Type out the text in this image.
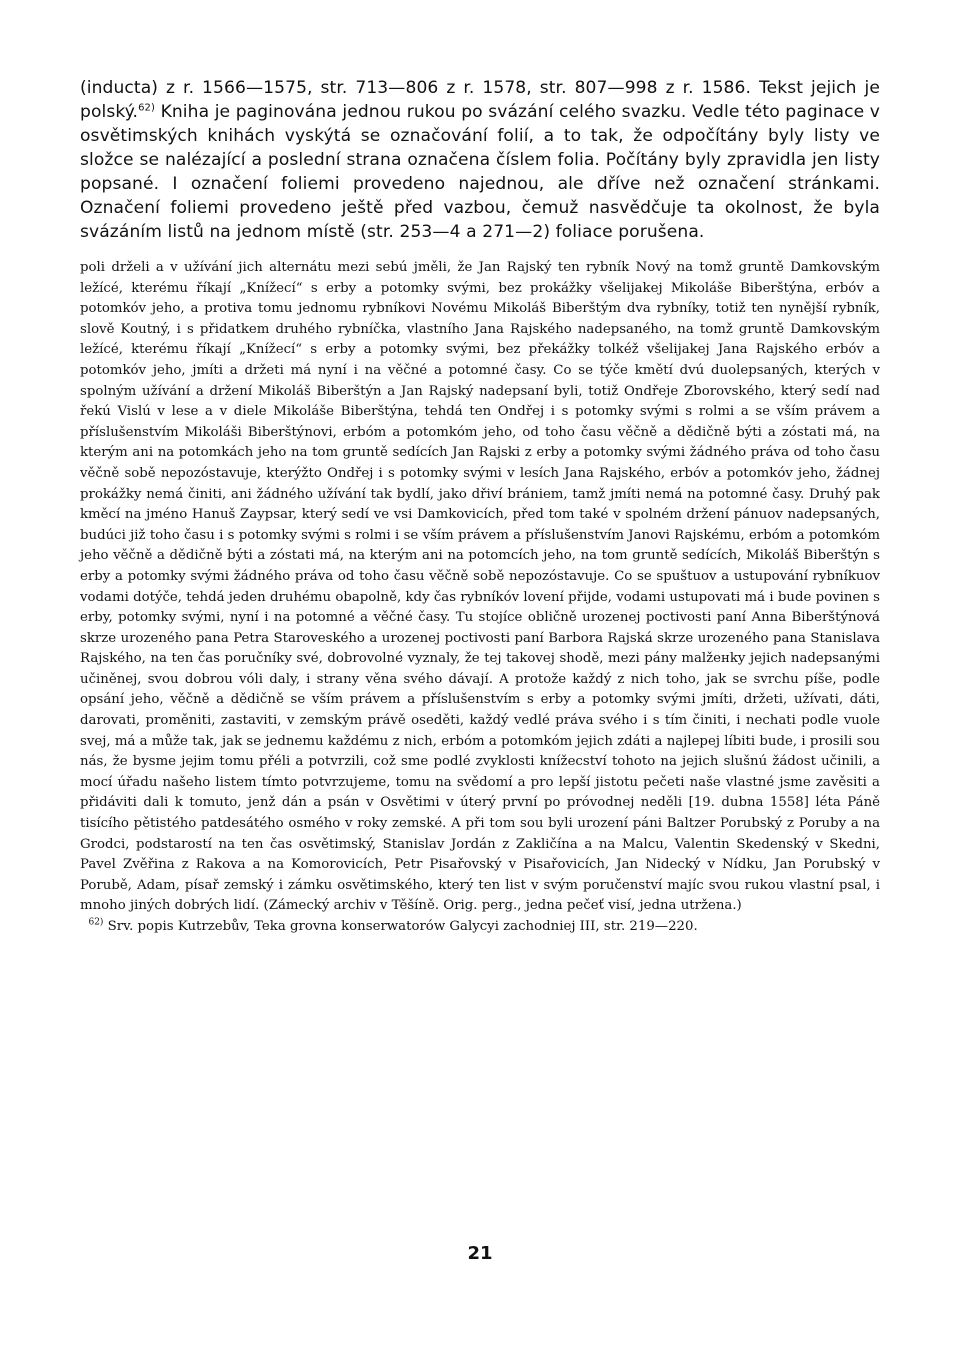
(inducta) z r. 1566—1575, str. 713—806 z r. 1578, str. 807—998 z r. 1586. Tekst jejich je polský.$^{62)}$ Kniha je paginována jednou rukou po svázání celého svazku. Vedle této paginace v osvětimských knihách vyskýtá se označování folií, a to tak, že odpočítány byly listy ve složce se nalézající a poslední strana označena číslem folia. Počítány byly zpravidla jen listy popsané. I označení foliemi provedeno najednou, ale dříve než označení stránkami. Označení foliemi provedeno ještě před vazbou, čemuž nasvědčuje ta okolnost, že byla svázáním listů na jednom místě (str. 253—4 a 271—2) foliace porušena.

poli drželi a v užívání jich alternátu mezi sebú jměli, že Jan Rajský ten rybník Nový na tomž gruntě Damkovským ležícé, kterému říkají „Knížecí“ s erby a potomky svými, bez prokážky všelijakej Mikoláše Biberštýna, erbóv a potomkóv jeho, a protiva tomu jednomu rybníkovi Novému Mikoláš Biberštým dva rybníky, totiž ten nynější rybník, slově Koutný, i s přidatkem druhého rybníčka, vlastního Jana Rajského nadepsaného, na tomž gruntě Damkovským ležícé, kterému říkají „Knížecí“ s erby a potomky svými, bez překážky tolkéž všelijakej Jana Rajského erbóv a potomkóv jeho, jmíti a držeti má nyní i na věčné a potomné časy. Co se týče kmětí dvú duolepsaných, kterých v spolným užívání a držení Mikoláš Biberštýn a Jan Rajský nadepsaní byli, totiž Ondřeje Zborovského, který sedí nad řekú Vislú v lese a v diele Mikoláše Biberštýna, tehdá ten Ondřej i s potomky svými s rolmi a se vším právem a příslušenstvím Mikoláši Biberštýnovi, erbóm a potomkóm jeho, od toho času věčně a dědičně býti a zóstati má, na kterým ani na potomkách jeho na tom gruntě sedících Jan Rajski z erby a potomky svými žádného práva od toho času věčně sobě nepozóstavuje, kterýžto Ondřej i s potomky svými v lesích Jana Rajského, erbóv a potomkóv jeho, žádnej prokážky nemá činiti, ani žádného užívání tak bydlí, jako dřiví brániem, tamž jmíti nemá na potomné časy. Druhý pak kměcí na jméno Hanuš Zaypsar, který sedí ve vsi Damkovicích, před tom také v spolném držení pánuov nadepsaných, budúci již toho času i s potomky svými s rolmi i se vším právem a příslušenstvím Janovi Rajskému, erbóm a potomkóm jeho věčně a dědičně býti a zóstati má, na kterým ani na potomcích jeho, na tom gruntě sedících, Mikoláš Biberštýn s erby a potomky svými žádného práva od toho času věčně sobě nepozóstavuje. Co se spuštuov a ustupování rybníkuov vodami dotýče, tehdá jeden druhému obapolně, kdy čas rybníkóv lovení přijde, vodami ustupovati má i bude povinen s erby, potomky svými, nyní i na potomné a věčné časy. Tu stojíce obličně urozenej poctivosti paní Anna Biberštýnová skrze urozeného pana Petra Staroveského a urozenej poctivosti paní Barbora Rajská skrze urozeného pana Stanislava Rajského, na ten čas poručníky své, dobrovolné vyznaly, že tej takovej shodě, mezi pány malžенky jejich nadepsanými učiněnej, svou dobrou vóli daly, i strany věna svého dávají. A protože každý z nich toho, jak se svrchu píše, podle opsání jeho, věčně a dědičně se vším právem a příslušenstvím s erby a potomky svými jmíti, držeti, užívati, dáti, darovati, proměniti, zastaviti, v zemským právě oseděti, každý vedlé práva svého i s tím činiti, i nechati podle vuole svej, má a může tak, jak se jednemu každému z nich, erbóm a potomkóm jejich zdáti a najlepej líbiti bude, i prosili sou nás, že bysme jejim tomu přéli a potvrzili, což sme podlé zvyklosti knížecství tohoto na jejich slušnú žádost učinili, a mocí úřadu našeho listem tímto potvrzujeme, tomu na svědomí a pro lepší jistotu pečeti naše vlastné jsme zavěsiti a přidáviti dali k tomuto, jenž dán a psán v Osvětimi v úterý první po próvodnej neděli [19. dubna 1558] léta Páně tisícího pětistého patdesátého osmého v roky zemské. A při tom sou byli urození páni Baltzer Porubský z Poruby a na Grodci, podstarostí na ten čas osvětimský, Stanislav Jordán z Zakličína a na Malcu, Valentin Skedenský v Skedni, Pavel Zvěřina z Rakova a na Komorovicích, Petr Pisařovský v Pisařovicích, Jan Nidecký v Nídku, Jan Porubský v Porubě, Adam, písař zemský i zámku osvětimského, který ten list v svým poručenství majíc svou rukou vlastní psal, i mnoho jiných dobrých lidí. (Zámecký archiv v Těšíně. Orig. perg., jedna pečeť visí, jedna utržena.)

$^{62)}$ Srv. popis Kutrzebův, Teka grovna konserwatorów Galycyi zachodniej III, str. 219—220.

21
